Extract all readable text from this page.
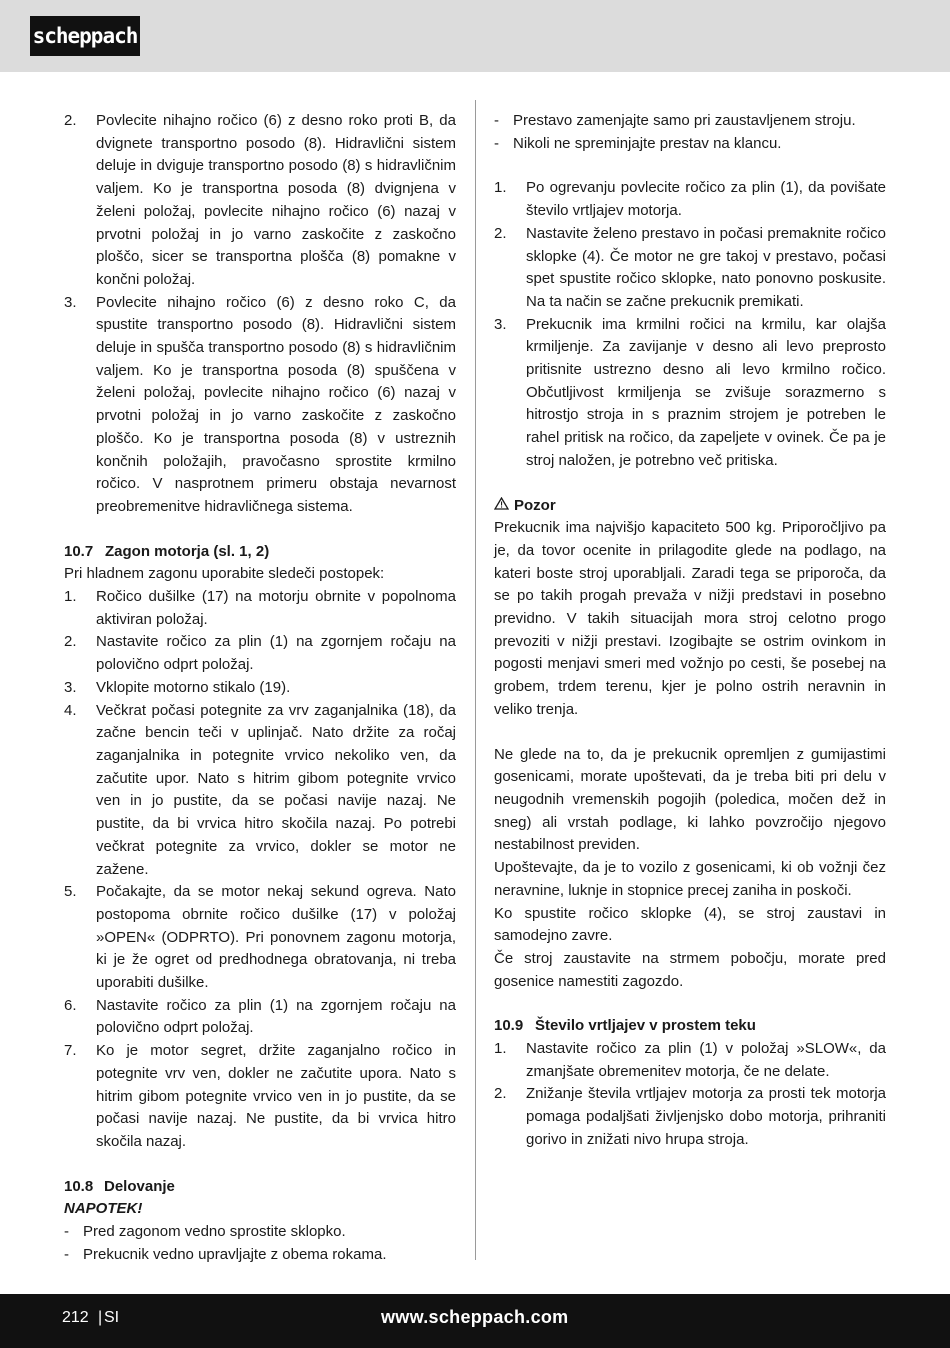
scheppach
2.	Povlecite nihajno ročico (6) z desno roko proti B, da dvignete transportno posodo (8). Hidravlični sistem deluje in dviguje transportno posodo (8) s hidravličnim valjem. Ko je transportna posoda (8) dvignjena v želeni položaj, povlecite nihajno ročico (6) nazaj v prvotni položaj in jo varno zaskočite z zaskočno ploščo, sicer se transportna plošča (8) pomakne v končni položaj.
3.	Povlecite nihajno ročico (6) z desno roko C, da spustite transportno posodo (8). Hidravlični sistem deluje in spušča transportno posodo (8) s hidravličnim valjem. Ko je transportna posoda (8) spuščena v želeni položaj, povlecite nihajno ročico (6) nazaj v prvotni položaj in jo varno zaskočite z zaskočno ploščo. Ko je transportna posoda (8) v ustreznih končnih položajih, pravočasno sprostite krmilno ročico. V nasprotnem primeru obstaja nevarnost preobremenitve hidravličnega sistema.
10.7 Zagon motorja (sl. 1, 2)

Pri hladnem zagonu uporabite sledeči postopek:

1.	Ročico dušilke (17) na motorju obrnite v popolnoma aktiviran položaj.
2.	Nastavite ročico za plin (1) na zgornjem ročaju na polovično odprt položaj.
3.	Vklopite motorno stikalo (19).
4.	Večkrat počasi potegnite za vrv zaganjalnika (18), da začne bencin teči v uplinjač. Nato držite za ročaj zaganjalnika in potegnite vrvico nekoliko ven, da začutite upor. Nato s hitrim gibom potegnite vrvico ven in jo pustite, da se počasi navije nazaj. Ne pustite, da bi vrvica hitro skočila nazaj. Po potrebi večkrat potegnite za vrvico, dokler se motor ne zažene.
5.	Počakajte, da se motor nekaj sekund ogreva. Nato postopoma obrnite ročico dušilke (17) v položaj »OPEN« (ODPRTO). Pri ponovnem zagonu motorja, ki je že ogret od predhodnega obratovanja, ni treba uporabiti dušilke.
6.	Nastavite ročico za plin (1) na zgornjem ročaju na polovično odprt položaj.
7.	Ko je motor segret, držite zaganjalno ročico in potegnite vrv ven, dokler ne začutite upora. Nato s hitrim gibom potegnite vrvico ven in jo pustite, da se počasi navije nazaj. Ne pustite, da bi vrvica hitro skočila nazaj.
10.8 Delovanje
NAPOTEK!
- Pred zagonom vedno sprostite sklopko.
- Prekucnik vedno upravljajte z obema rokama.
- Prestavo zamenjajte samo pri zaustavljenem stroju.
- Nikoli ne spreminjajte prestav na klancu.
1.	Po ogrevanju povlecite ročico za plin (1), da povišate število vrtljajev motorja.
2.	Nastavite želeno prestavo in počasi premaknite ročico sklopke (4). Če motor ne gre takoj v prestavo, počasi spet spustite ročico sklopke, nato ponovno poskusite. Na ta način se začne prekucnik premikati.
3.	Prekucnik ima krmilni ročici na krmilu, kar olajša krmiljenje. Za zavijanje v desno ali levo preprosto pritisnite ustrezno desno ali levo krmilno ročico. Občutljivost krmiljenja se zvišuje sorazmerno s hitrostjo stroja in s praznim strojem je potreben le rahel pritisk na ročico, da zapeljete v ovinek. Če pa je stroj naložen, je potrebno več pritiska.
Pozor

Prekucnik ima najvišjo kapaciteto 500 kg. Priporočljivo pa je, da tovor ocenite in prilagodite glede na podlago, na kateri boste stroj uporabljali. Zaradi tega se priporoča, da se po takih progah prevaža v nižji predstavi in posebno previdno. V takih situacijah mora stroj celotno progo prevoziti v nižji prestavi. Izogibajte se ostrim ovinkom in pogosti menjavi smeri med vožnjo po cesti, še posebej na grobem, trdem terenu, kjer je polno ostrih neravnin in veliko trenja.

Ne glede na to, da je prekucnik opremljen z gumijastimi gosenicami, morate upoštevati, da je treba biti pri delu v neugodnih vremenskih pogojih (poledica, močen dež in sneg) ali vrstah podlage, ki lahko povzročijo njegovo nestabilnost previden.

Upoštevajte, da je to vozilo z gosenicami, ki ob vožnji čez neravnine, luknje in stopnice precej zaniha in poskoči.

Ko spustite ročico sklopke (4), se stroj zaustavi in samodejno zavre.

Če stroj zaustavite na strmem pobočju, morate pred gosenice namestiti zagozdo.

10.9 Število vrtljajev v prostem teku
1.	Nastavite ročico za plin (1) v položaj »SLOW«, da zmanjšate obremenitev motorja, če ne delate.
2.	Znižanje števila vrtljajev motorja za prosti tek motorja pomaga podaljšati življenjsko dobo motorja, prihraniti gorivo in znižati nivo hrupa stroja.
212 | SI	www.scheppach.com
